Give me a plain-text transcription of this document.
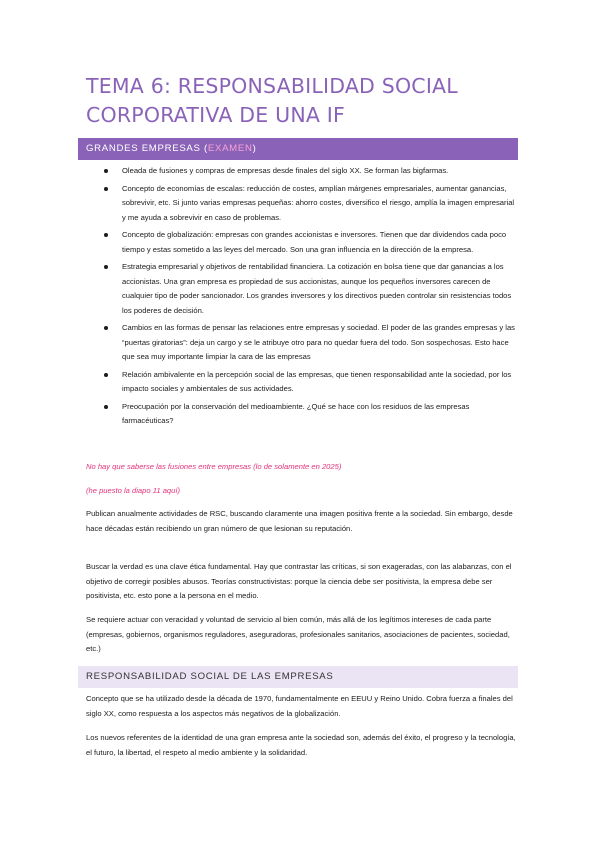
TEMA 6: RESPONSABILIDAD SOCIAL
CORPORATIVA DE UNA IF
GRANDES EMPRESAS (EXAMEN)
Oleada de fusiones y compras de empresas desde finales del siglo XX. Se forman las bigfarmas.
Concepto de economías de escalas: reducción de costes, amplían márgenes empresariales, aumentar ganancias, sobrevivir, etc. Si junto varias empresas pequeñas: ahorro costes, diversifico el riesgo, amplía la imagen empresarial y me ayuda a sobrevivir en caso de problemas.
Concepto de globalización: empresas con grandes accionistas e inversores. Tienen que dar dividendos cada poco tiempo y estas sometido a las leyes del mercado. Son una gran influencia en la dirección de la empresa.
Estrategia empresarial y objetivos de rentabilidad financiera. La cotización en bolsa tiene que dar ganancias a los accionistas. Una gran empresa es propiedad de sus accionistas, aunque los pequeños inversores carecen de cualquier tipo de poder sancionador. Los grandes inversores y los directivos pueden controlar sin resistencias todos los poderes de decisión.
Cambios en las formas de pensar las relaciones entre empresas y sociedad. El poder de las grandes empresas y las “puertas giratorias”: deja un cargo y se le atribuye otro para no quedar fuera del todo. Son sospechosas. Esto hace que sea muy importante limpiar la cara de las empresas
Relación ambivalente en la percepción social de las empresas, que tienen responsabilidad ante la sociedad, por los impacto sociales y ambientales de sus actividades.
Preocupación por la conservación del medioambiente. ¿Qué se hace con los residuos de las empresas farmacéuticas?

No hay que saberse las fusiones entre empresas (lo de solamente en 2025)

(he puesto la diapo 11 aquí)

Publican anualmente actividades de RSC, buscando claramente una imagen positiva frente a la sociedad. Sin embargo, desde hace décadas están recibiendo un gran número de que lesionan su reputación.

Buscar la verdad es una clave ética fundamental. Hay que contrastar las críticas, si son exageradas, con las alabanzas, con el objetivo de corregir posibles abusos. Teorías constructivistas: porque la ciencia debe ser positivista, la empresa debe ser positivista, etc. esto pone a la persona en el medio.

Se requiere actuar con veracidad y voluntad de servicio al bien común, más allá de los legítimos intereses de cada parte (empresas, gobiernos, organismos reguladores, aseguradoras, profesionales sanitarios, asociaciones de pacientes, sociedad, etc.)

RESPONSABILIDAD SOCIAL DE LAS EMPRESAS

Concepto que se ha utilizado desde la década de 1970, fundamentalmente en EEUU y Reino Unido. Cobra fuerza a finales del siglo XX, como respuesta a los aspectos más negativos de la globalización.

Los nuevos referentes de la identidad de una gran empresa ante la sociedad son, además del éxito, el progreso y la tecnología, el futuro, la libertad, el respeto al medio ambiente y la solidaridad.
